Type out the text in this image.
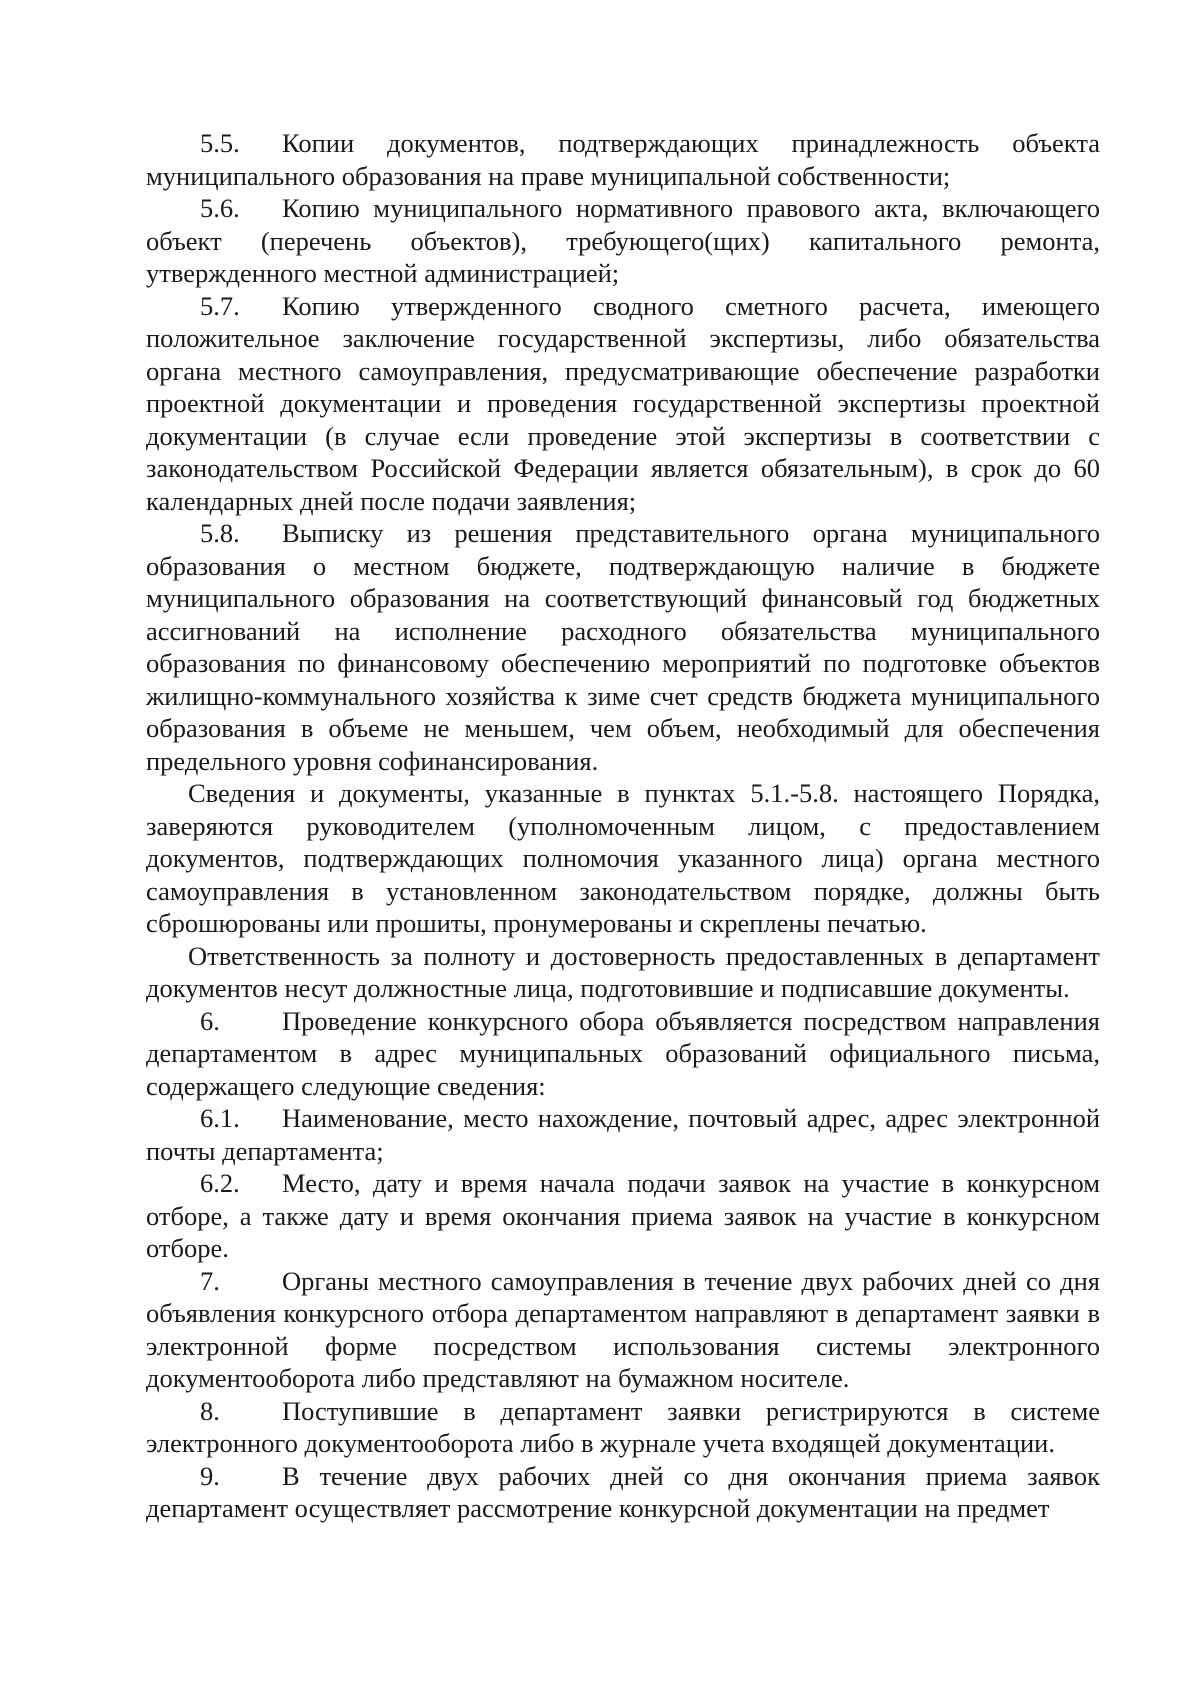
5.5. Копии документов, подтверждающих принадлежность объекта муниципального образования на праве муниципальной собственности;

5.6. Копию муниципального нормативного правового акта, включающего объект (перечень объектов), требующего(щих) капитального ремонта, утвержденного местной администрацией;

5.7. Копию утвержденного сводного сметного расчета, имеющего положительное заключение государственной экспертизы, либо обязательства органа местного самоуправления, предусматривающие обеспечение разработки проектной документации и проведения государственной экспертизы проектной документации (в случае если проведение этой экспертизы в соответствии с законодательством Российской Федерации является обязательным), в срок до 60 календарных дней после подачи заявления;

5.8. Выписку из решения представительного органа муниципального образования о местном бюджете, подтверждающую наличие в бюджете муниципального образования на соответствующий финансовый год бюджетных ассигнований на исполнение расходного обязательства муниципального образования по финансовому обеспечению мероприятий по подготовке объектов жилищно-коммунального хозяйства к зиме счет средств бюджета муниципального образования в объеме не меньшем, чем объем, необходимый для обеспечения предельного уровня софинансирования.

Сведения и документы, указанные в пунктах 5.1.-5.8. настоящего Порядка, заверяются руководителем (уполномоченным лицом, с предоставлением документов, подтверждающих полномочия указанного лица) органа местного самоуправления в установленном законодательством порядке, должны быть сброшюрованы или прошиты, пронумерованы и скреплены печатью.

Ответственность за полноту и достоверность предоставленных в департамент документов несут должностные лица, подготовившие и подписавшие документы.

6. Проведение конкурсного обора объявляется посредством направления департаментом в адрес муниципальных образований официального письма, содержащего следующие сведения:

6.1. Наименование, место нахождение, почтовый адрес, адрес электронной почты департамента;

6.2. Место, дату и время начала подачи заявок на участие в конкурсном отборе, а также дату и время окончания приема заявок на участие в конкурсном отборе.

7. Органы местного самоуправления в течение двух рабочих дней со дня объявления конкурсного отбора департаментом направляют в департамент заявки в электронной форме посредством использования системы электронного документооборота либо представляют на бумажном носителе.

8. Поступившие в департамент заявки регистрируются в системе электронного документооборота либо в журнале учета входящей документации.

9. В течение двух рабочих дней со дня окончания приема заявок департамент осуществляет рассмотрение конкурсной документации на предмет
